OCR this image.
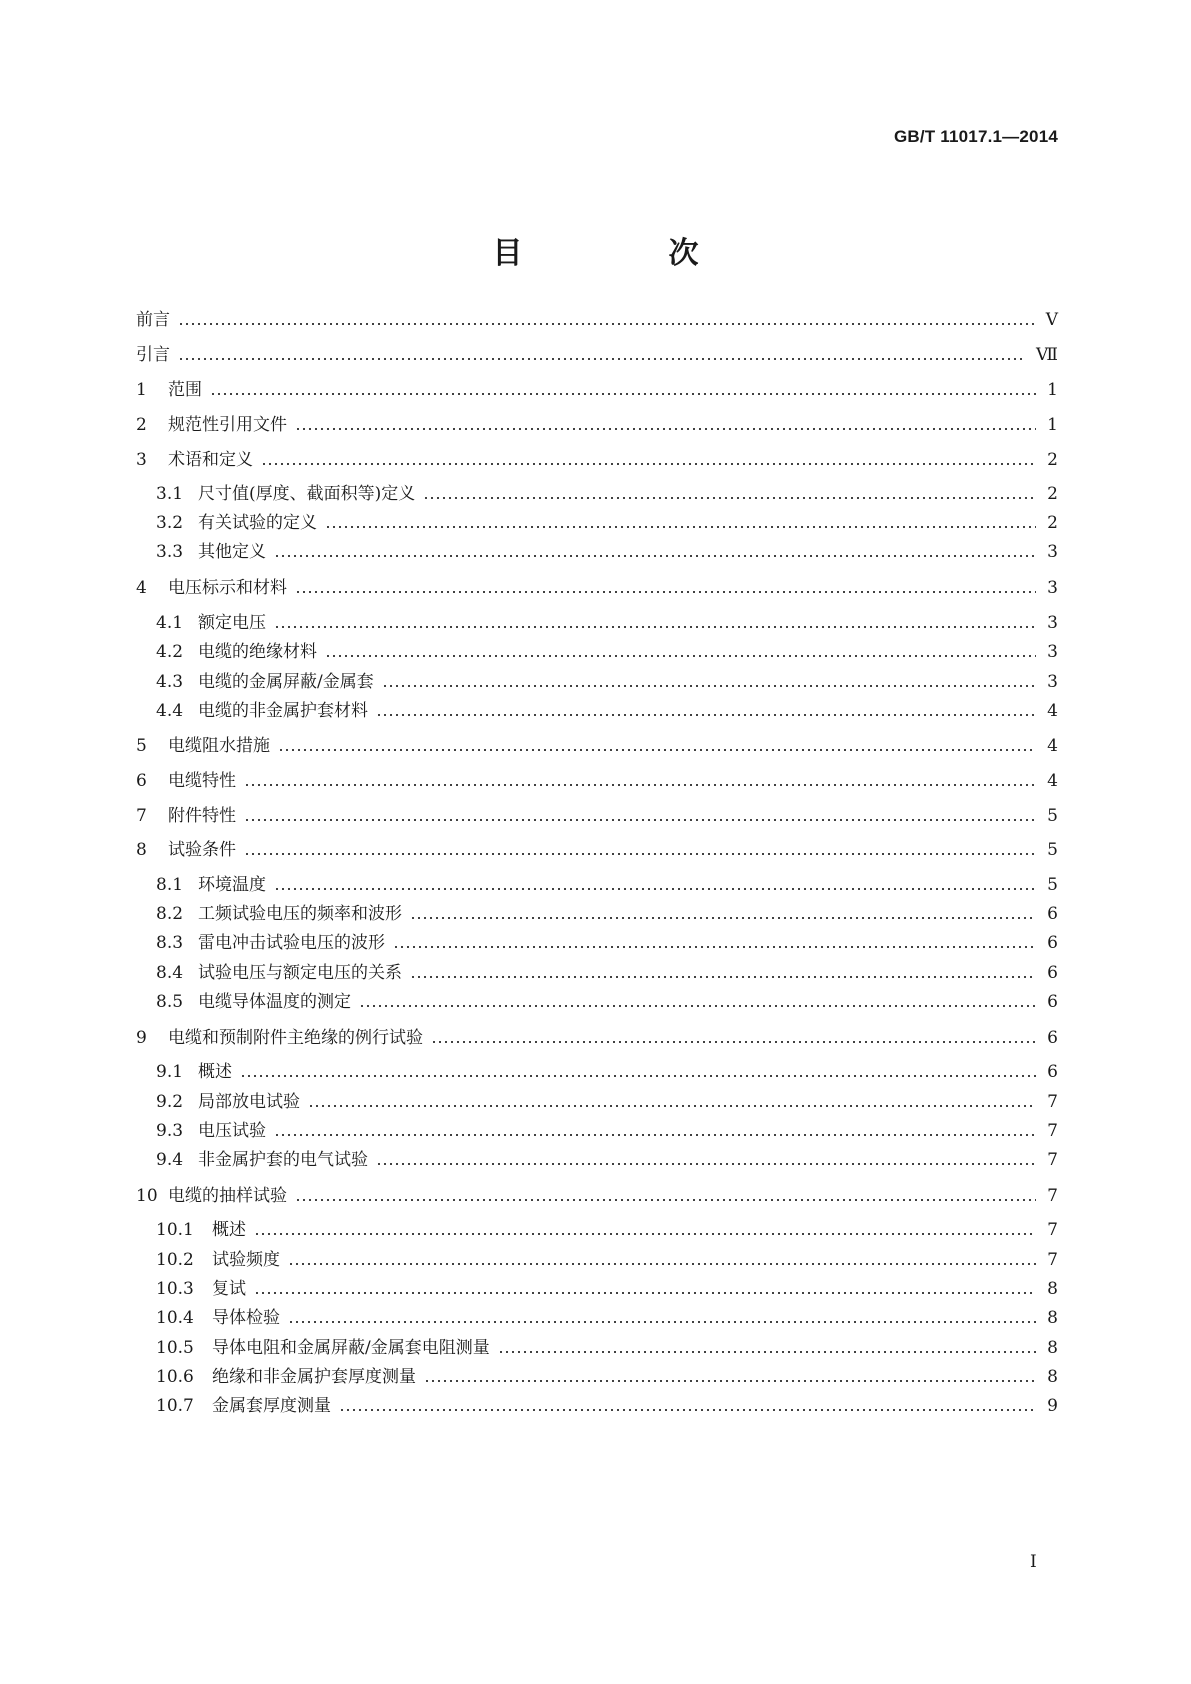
GB/T 11017.1—2014
目　次
前言	Ⅴ
引言	Ⅶ
1	范围	1
2	规范性引用文件	1
3	术语和定义	2
3.1 尺寸值(厚度、截面积等)定义	2
3.2 有关试验的定义	2
3.3 其他定义	3
4	电压标示和材料	3
4.1 额定电压	3
4.2 电缆的绝缘材料	3
4.3 电缆的金属屏蔽/金属套	3
4.4 电缆的非金属护套材料	4
5	电缆阻水措施	4
6	电缆特性	4
7	附件特性	5
8	试验条件	5
8.1 环境温度	5
8.2 工频试验电压的频率和波形	6
8.3 雷电冲击试验电压的波形	6
8.4 试验电压与额定电压的关系	6
8.5 电缆导体温度的测定	6
9	电缆和预制附件主绝缘的例行试验	6
9.1 概述	6
9.2 局部放电试验	7
9.3 电压试验	7
9.4 非金属护套的电气试验	7
10 电缆的抽样试验	7
10.1	概述	7
10.2	试验频度	7
10.3	复试	8
10.4	导体检验	8
10.5	导体电阻和金属屏蔽/金属套电阻测量	8
10.6	绝缘和非金属护套厚度测量	8
10.7	金属套厚度测量	9
Ⅰ
